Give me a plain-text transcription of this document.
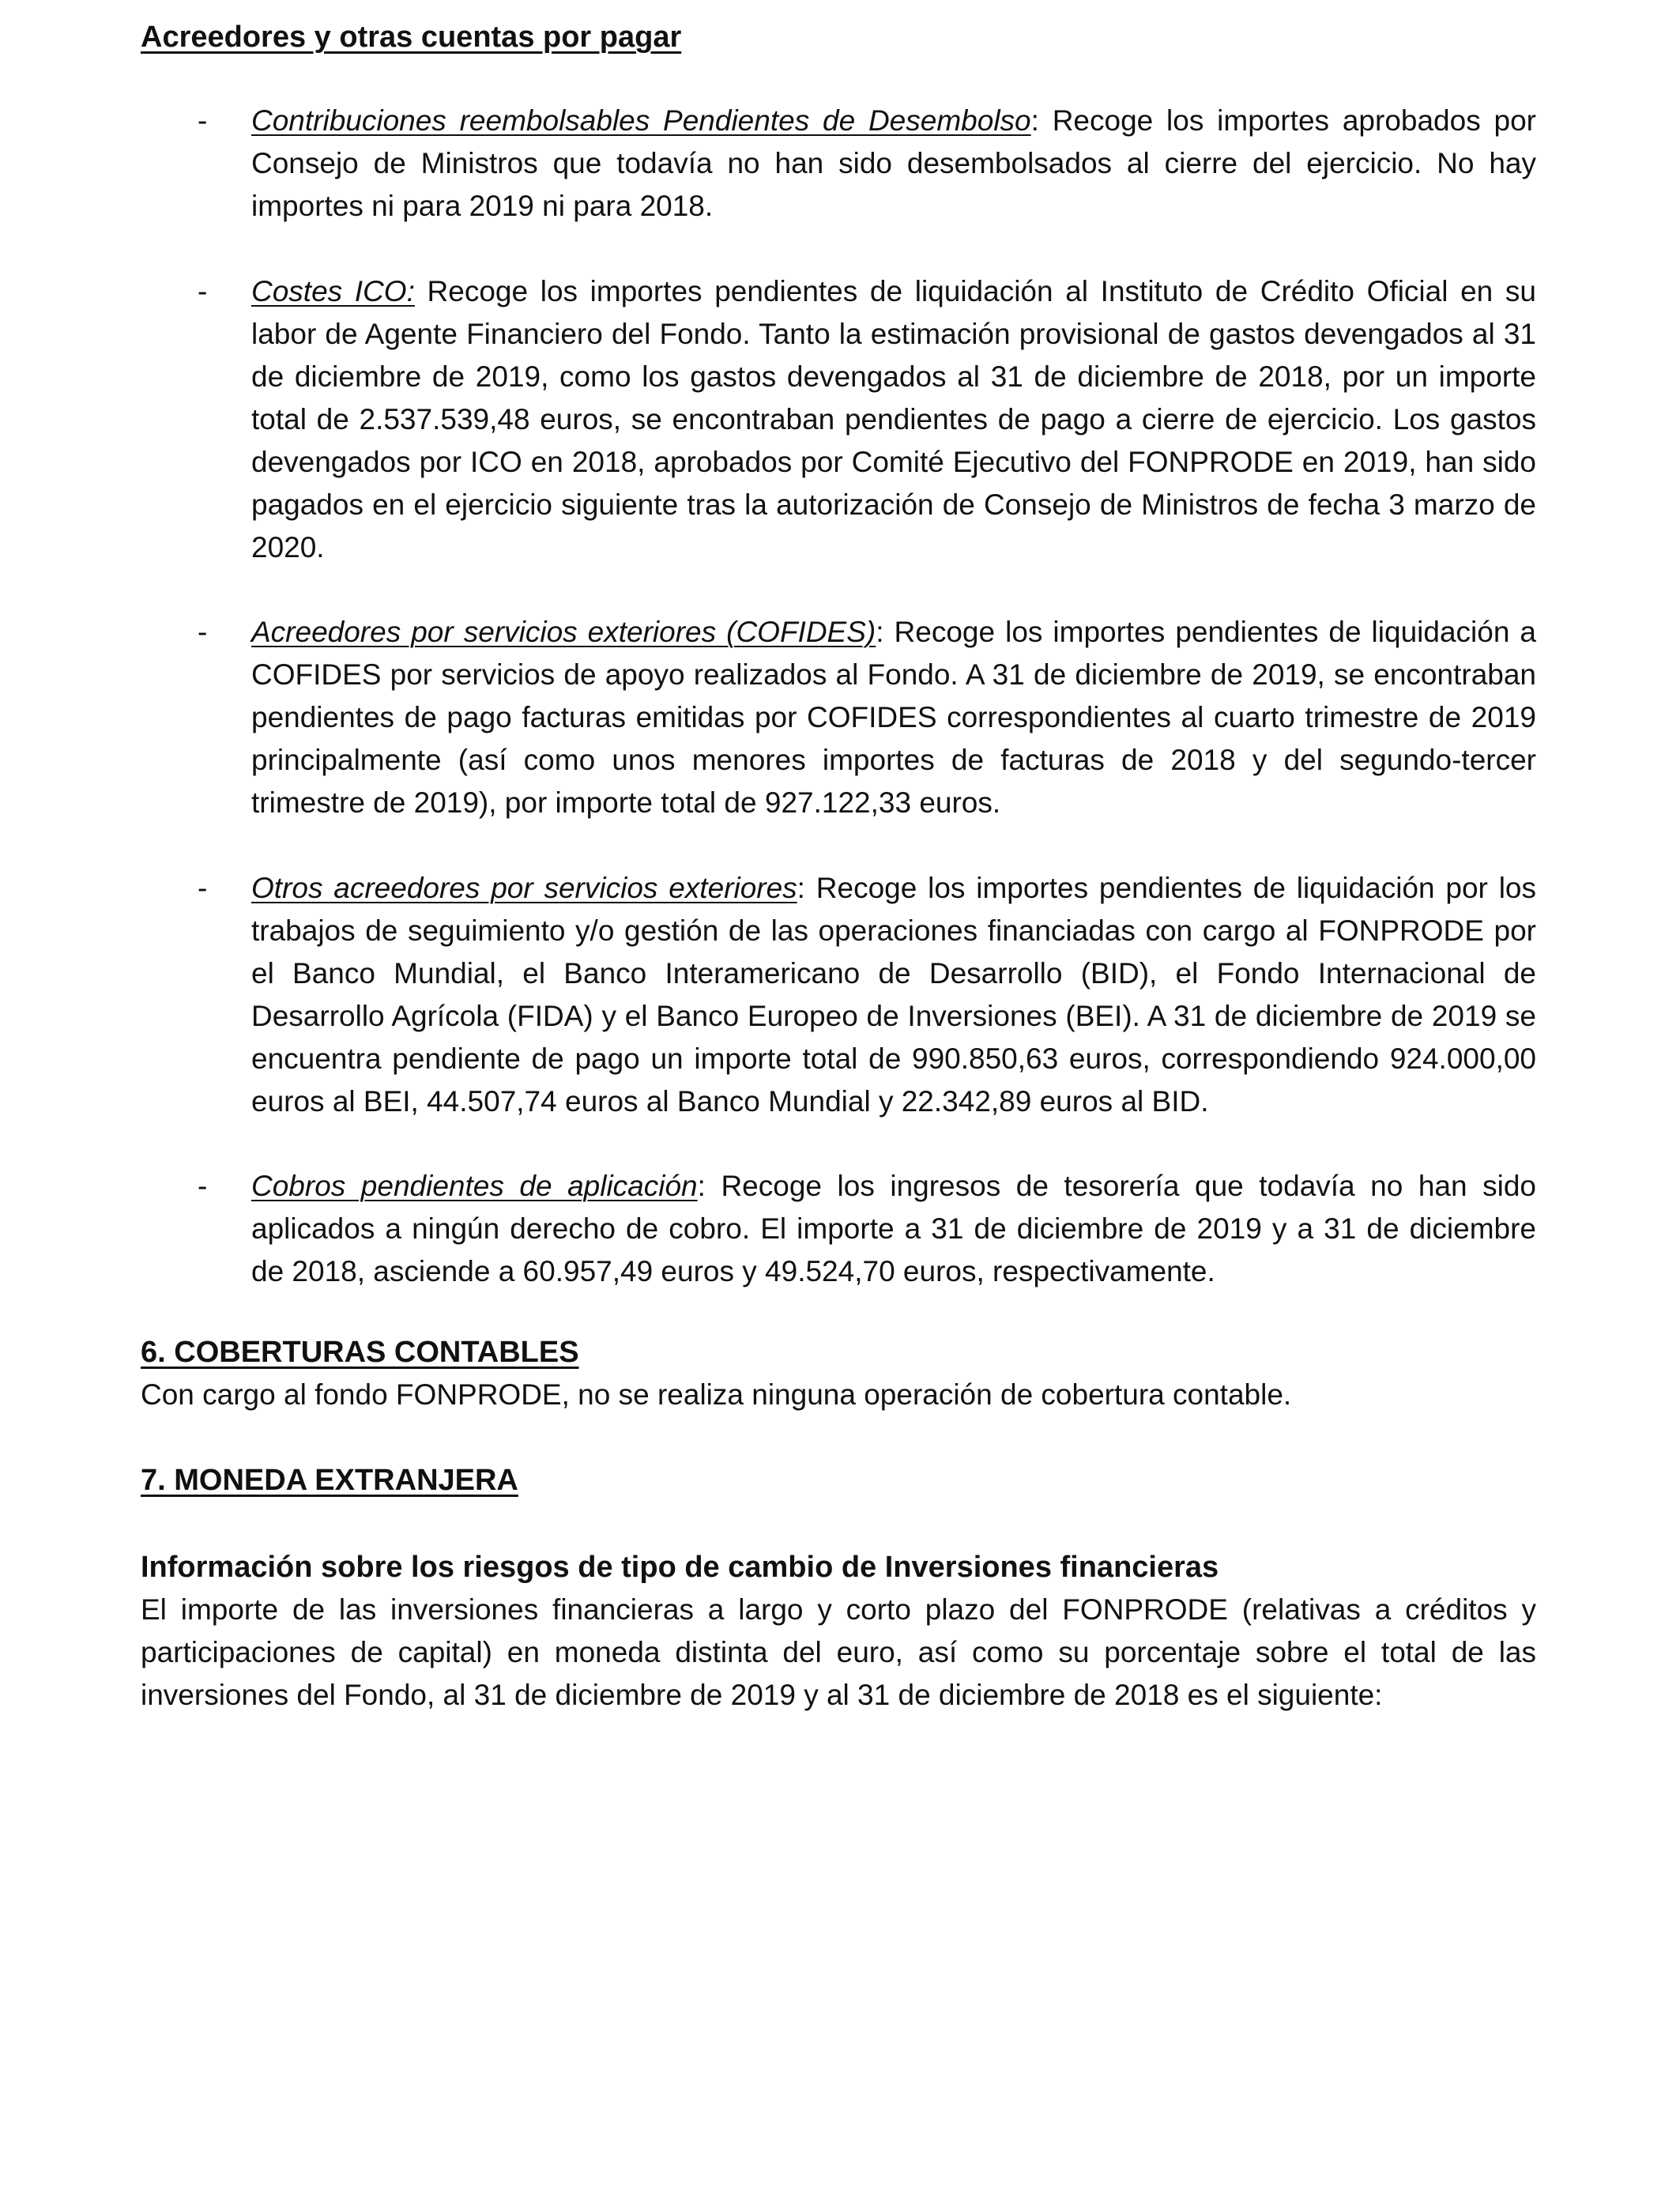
Acreedores y otras cuentas por pagar
- Contribuciones reembolsables Pendientes de Desembolso: Recoge los importes aprobados por Consejo de Ministros que todavía no han sido desembolsados al cierre del ejercicio. No hay importes ni para 2019 ni para 2018.

- Costes ICO: Recoge los importes pendientes de liquidación al Instituto de Crédito Oficial en su labor de Agente Financiero del Fondo. Tanto la estimación provisional de gastos devengados al 31 de diciembre de 2019, como los gastos devengados al 31 de diciembre de 2018, por un importe total de 2.537.539,48 euros, se encontraban pendientes de pago a cierre de ejercicio. Los gastos devengados por ICO en 2018, aprobados por Comité Ejecutivo del FONPRODE en 2019, han sido pagados en el ejercicio siguiente tras la autorización de Consejo de Ministros de fecha 3 marzo de 2020.

- Acreedores por servicios exteriores (COFIDES): Recoge los importes pendientes de liquidación a COFIDES por servicios de apoyo realizados al Fondo. A 31 de diciembre de 2019, se encontraban pendientes de pago facturas emitidas por COFIDES correspondientes al cuarto trimestre de 2019 principalmente (así como unos menores importes de facturas de 2018 y del segundo-tercer trimestre de 2019), por importe total de 927.122,33 euros.

- Otros acreedores por servicios exteriores: Recoge los importes pendientes de liquidación por los trabajos de seguimiento y/o gestión de las operaciones financiadas con cargo al FONPRODE por el Banco Mundial, el Banco Interamericano de Desarrollo (BID), el Fondo Internacional de Desarrollo Agrícola (FIDA) y el Banco Europeo de Inversiones (BEI). A 31 de diciembre de 2019 se encuentra pendiente de pago un importe total de 990.850,63 euros, correspondiendo 924.000,00 euros al BEI, 44.507,74 euros al Banco Mundial y 22.342,89 euros al BID.

- Cobros pendientes de aplicación: Recoge los ingresos de tesorería que todavía no han sido aplicados a ningún derecho de cobro. El importe a 31 de diciembre de 2019 y a 31 de diciembre de 2018, asciende a 60.957,49 euros y 49.524,70 euros, respectivamente.

6. COBERTURAS CONTABLES

Con cargo al fondo FONPRODE, no se realiza ninguna operación de cobertura contable.

7. MONEDA EXTRANJERA
Información sobre los riesgos de tipo de cambio de Inversiones financieras

El importe de las inversiones financieras a largo y corto plazo del FONPRODE (relativas a créditos y participaciones de capital) en moneda distinta del euro, así como su porcentaje sobre el total de las inversiones del Fondo, al 31 de diciembre de 2019 y al 31 de diciembre de 2018 es el siguiente:
